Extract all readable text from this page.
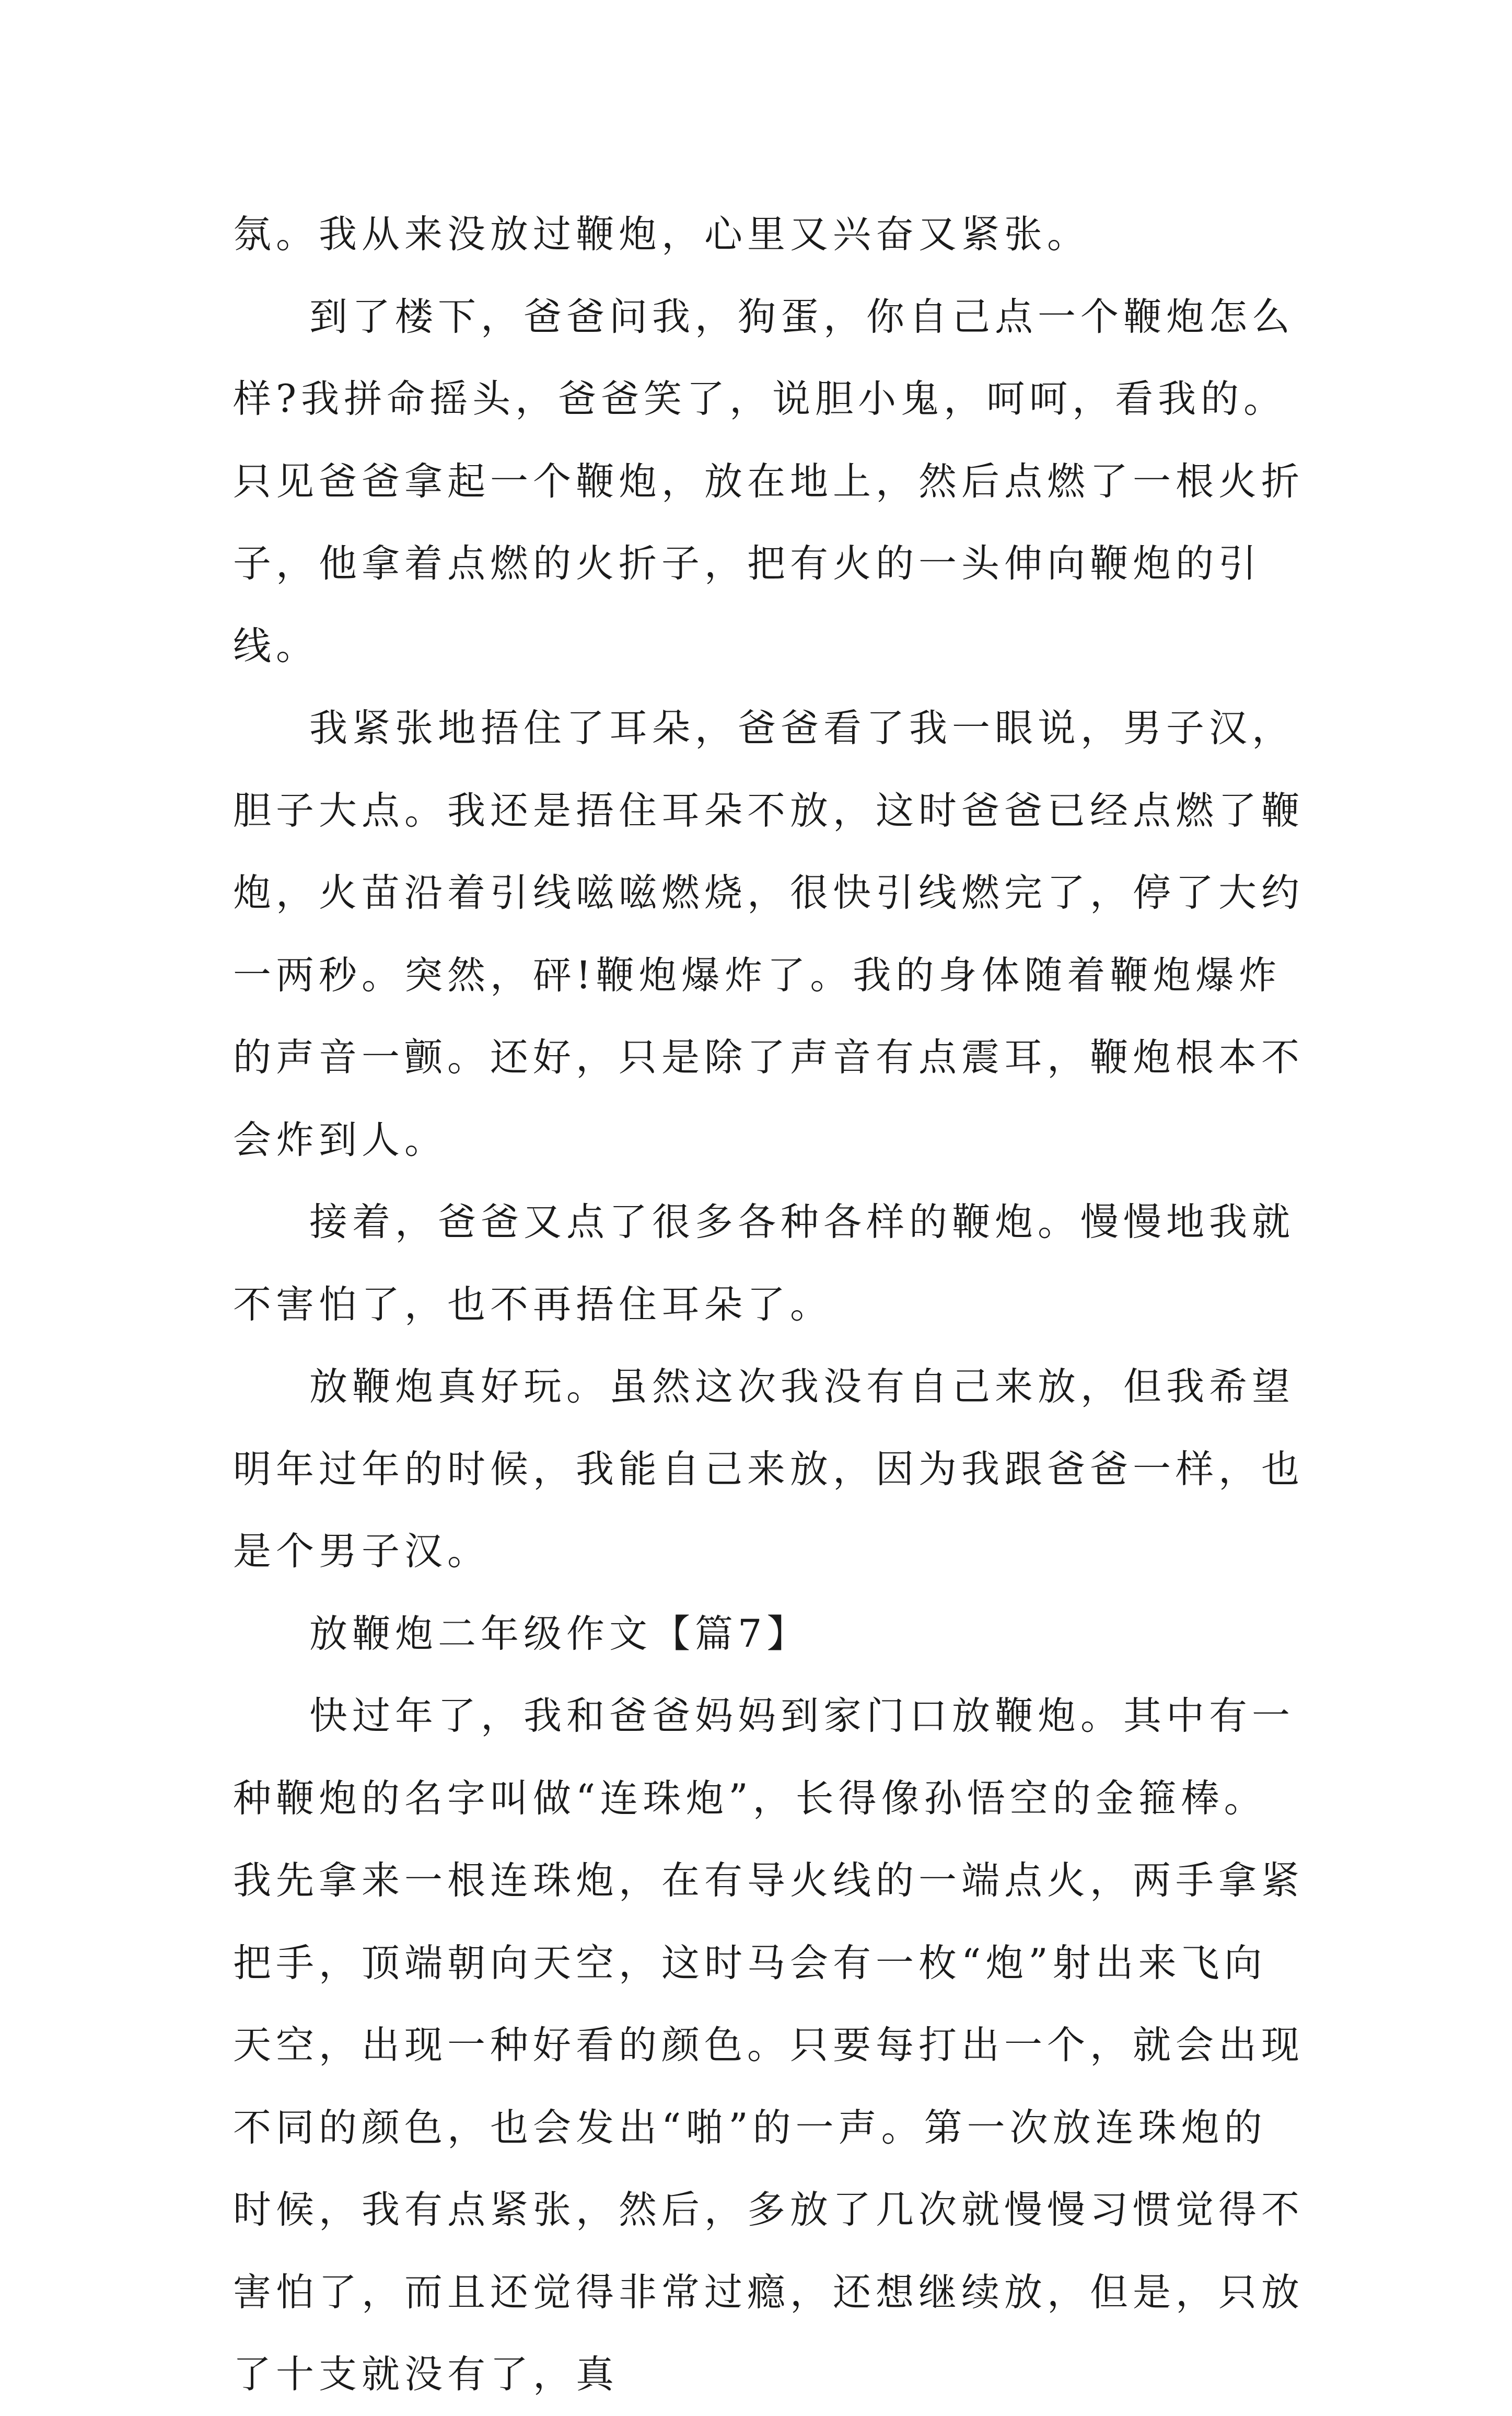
氛。我从来没放过鞭炮，心里又兴奋又紧张。

到了楼下，爸爸问我，狗蛋，你自己点一个鞭炮怎么样?我拼命摇头，爸爸笑了，说胆小鬼，呵呵，看我的。只见爸爸拿起一个鞭炮，放在地上，然后点燃了一根火折子，他拿着点燃的火折子，把有火的一头伸向鞭炮的引线。

我紧张地捂住了耳朵，爸爸看了我一眼说，男子汉，胆子大点。我还是捂住耳朵不放，这时爸爸已经点燃了鞭炮，火苗沿着引线嗞嗞燃烧，很快引线燃完了，停了大约一两秒。突然，砰!鞭炮爆炸了。我的身体随着鞭炮爆炸的声音一颤。还好，只是除了声音有点震耳，鞭炮根本不会炸到人。

接着，爸爸又点了很多各种各样的鞭炮。慢慢地我就不害怕了，也不再捂住耳朵了。

放鞭炮真好玩。虽然这次我没有自己来放，但我希望明年过年的时候，我能自己来放，因为我跟爸爸一样，也是个男子汉。

放鞭炮二年级作文【篇7】

快过年了，我和爸爸妈妈到家门口放鞭炮。其中有一种鞭炮的名字叫做“连珠炮”，长得像孙悟空的金箍棒。我先拿来一根连珠炮，在有导火线的一端点火，两手拿紧把手，顶端朝向天空，这时马会有一枚“炮”射出来飞向天空，出现一种好看的颜色。只要每打出一个，就会出现不同的颜色，也会发出“啪”的一声。第一次放连珠炮的时候，我有点紧张，然后，多放了几次就慢慢习惯觉得不害怕了，而且还觉得非常过瘾，还想继续放，但是，只放了十支就没有了，真
